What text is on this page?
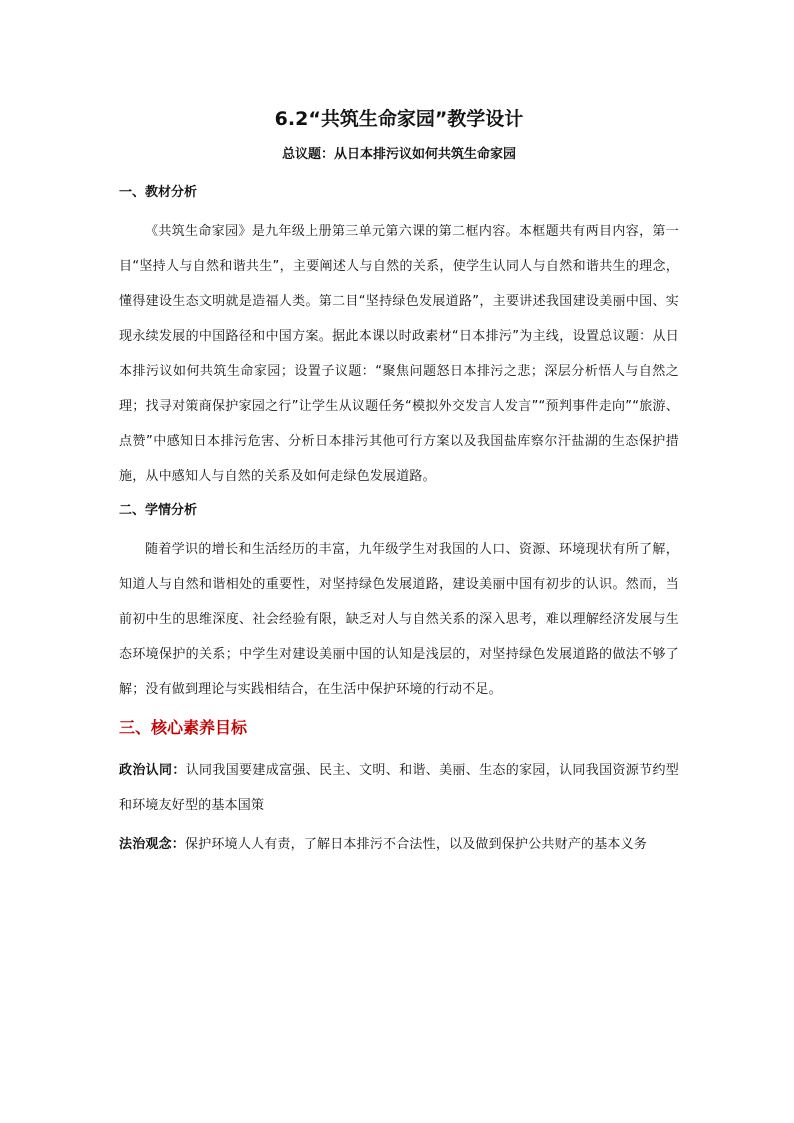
6.2“共筑生命家园”教学设计
总议题：从日本排污议如何共筑生命家园
一、教材分析

《共筑生命家园》是九年级上册第三单元第六课的第二框内容。本框题共有两目内容，第一目“坚持人与自然和谐共生”，主要阐述人与自然的关系，使学生认同人与自然和谐共生的理念，懂得建设生态文明就是造福人类。第二目“坚持绿色发展道路”，主要讲述我国建设美丽中国、实现永续发展的中国路径和中国方案。据此本课以时政素材“日本排污”为主线，设置总议题：从日本排污议如何共筑生命家园；设置子议题：“聚焦问题怒日本排污之悲；深层分析悟人与自然之理；找寻对策商保护家园之行”让学生从议题任务“模拟外交发言人发言”“预判事件走向”“旅游、点赞”中感知日本排污危害、分析日本排污其他可行方案以及我国盐库察尔汗盐湖的生态保护措施，从中感知人与自然的关系及如何走绿色发展道路。

二、学情分析

随着学识的增长和生活经历的丰富，九年级学生对我国的人口、资源、环境现状有所了解，知道人与自然和谐相处的重要性，对坚持绿色发展道路，建设美丽中国有初步的认识。然而，当前初中生的思维深度、社会经验有限，缺乏对人与自然关系的深入思考，难以理解经济发展与生态环境保护的关系；中学生对建设美丽中国的认知是浅层的，对坚持绿色发展道路的做法不够了解；没有做到理论与实践相结合，在生活中保护环境的行动不足。

三、核心素养目标

政治认同：认同我国要建成富强、民主、文明、和谐、美丽、生态的家园，认同我国资源节约型和环境友好型的基本国策

法治观念：保护环境人人有责，了解日本排污不合法性，以及做到保护公共财产的基本义务
